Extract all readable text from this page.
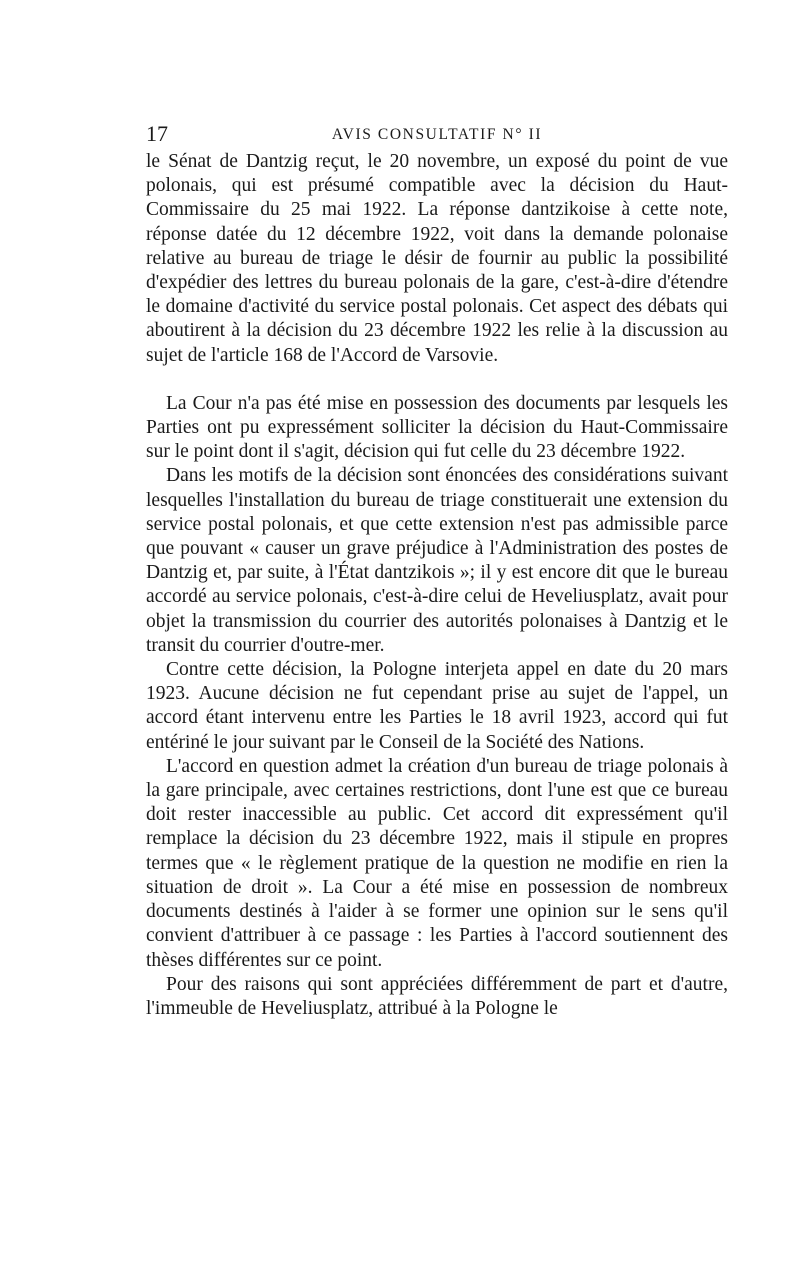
17	AVIS CONSULTATIF N° II

le Sénat de Dantzig reçut, le 20 novembre, un exposé du point de vue polonais, qui est présumé compatible avec la décision du Haut-Commissaire du 25 mai 1922. La réponse dantzikoise à cette note, réponse datée du 12 décembre 1922, voit dans la demande polonaise relative au bureau de triage le désir de fournir au public la possibilité d'expédier des lettres du bureau polonais de la gare, c'est-à-dire d'étendre le domaine d'activité du service postal polonais. Cet aspect des débats qui aboutirent à la décision du 23 décembre 1922 les relie à la discussion au sujet de l'article 168 de l'Accord de Varsovie.

La Cour n'a pas été mise en possession des documents par lesquels les Parties ont pu expressément solliciter la décision du Haut-Commissaire sur le point dont il s'agit, décision qui fut celle du 23 décembre 1922.

Dans les motifs de la décision sont énoncées des considérations suivant lesquelles l'installation du bureau de triage constituerait une extension du service postal polonais, et que cette extension n'est pas admissible parce que pouvant « causer un grave préjudice à l'Administration des postes de Dantzig et, par suite, à l'État dantzikois »; il y est encore dit que le bureau accordé au service polonais, c'est-à-dire celui de Heveliusplatz, avait pour objet la transmission du courrier des autorités polonaises à Dantzig et le transit du courrier d'outre-mer.

Contre cette décision, la Pologne interjeta appel en date du 20 mars 1923. Aucune décision ne fut cependant prise au sujet de l'appel, un accord étant intervenu entre les Parties le 18 avril 1923, accord qui fut entériné le jour suivant par le Conseil de la Société des Nations.

L'accord en question admet la création d'un bureau de triage polonais à la gare principale, avec certaines restrictions, dont l'une est que ce bureau doit rester inaccessible au public. Cet accord dit expressément qu'il remplace la décision du 23 décembre 1922, mais il stipule en propres termes que « le règlement pratique de la question ne modifie en rien la situation de droit ». La Cour a été mise en possession de nombreux documents destinés à l'aider à se former une opinion sur le sens qu'il convient d'attribuer à ce passage : les Parties à l'accord soutiennent des thèses différentes sur ce point.

Pour des raisons qui sont appréciées différemment de part et d'autre, l'immeuble de Heveliusplatz, attribué à la Pologne le
